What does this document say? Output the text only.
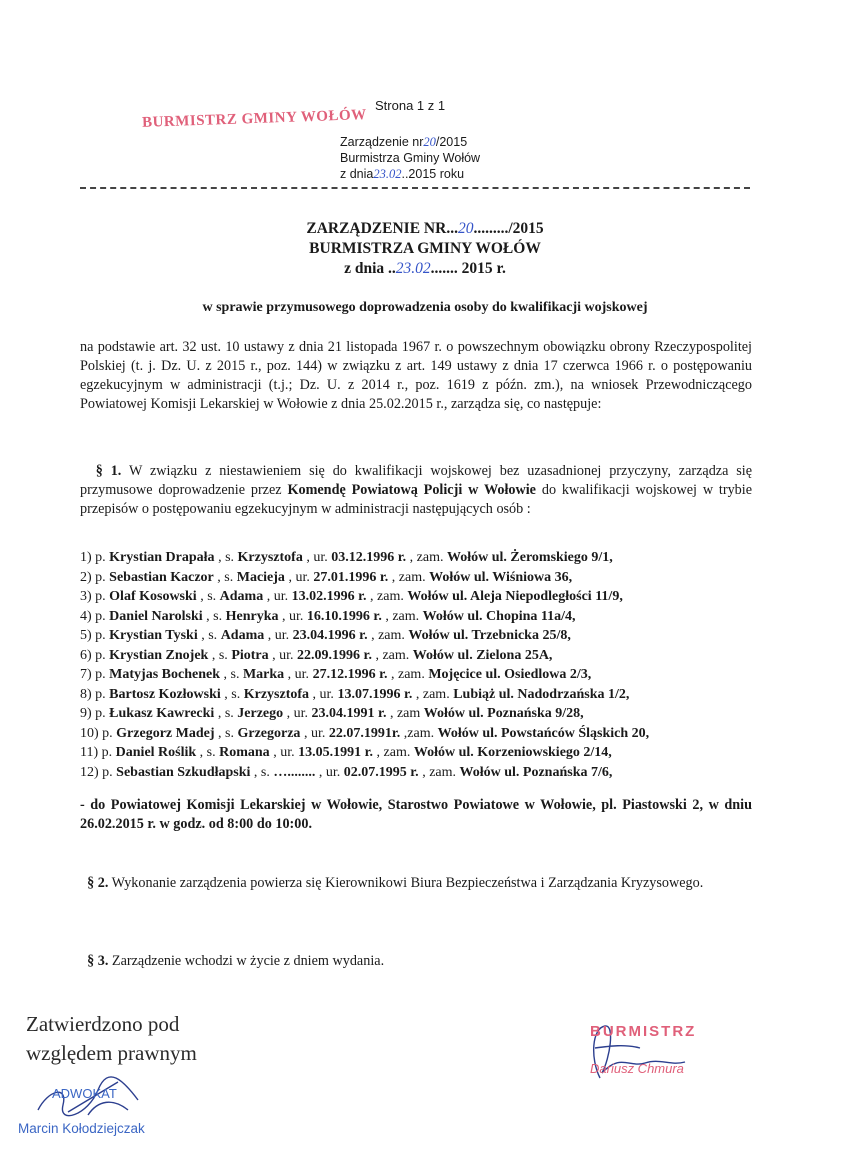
Strona 1 z 1
BURMISTRZ GMINY WOŁÓW
Zarządzenie nr20/2015
Burmistrza Gminy Wołów
z dnia23.02..2015 roku
ZARZĄDZENIE NR...20........./2015
BURMISTRZA GMINY WOŁÓW
z dnia ..23.02....... 2015 r.
w sprawie przymusowego doprowadzenia osoby do kwalifikacji wojskowej
na podstawie art. 32 ust. 10 ustawy z dnia 21 listopada 1967 r. o powszechnym obowiązku obrony Rzeczypospolitej Polskiej (t. j. Dz. U. z 2015 r., poz. 144) w związku z art. 149 ustawy z dnia 17 czerwca 1966 r. o postępowaniu egzekucyjnym w administracji (t.j.; Dz. U. z 2014 r., poz. 1619 z późn. zm.), na wniosek Przewodniczącego Powiatowej Komisji Lekarskiej w Wołowie z dnia 25.02.2015 r., zarządza się, co następuje:
§ 1. W związku z niestawieniem się do kwalifikacji wojskowej bez uzasadnionej przyczyny, zarządza się przymusowe doprowadzenie przez Komendę Powiatową Policji w Wołowie do kwalifikacji wojskowej w trybie przepisów o postępowaniu egzekucyjnym w administracji następujących osób :
1) p. Krystian Drapała , s. Krzysztofa , ur. 03.12.1996 r. , zam. Wołów ul. Żeromskiego 9/1,
2) p. Sebastian Kaczor , s. Macieja , ur. 27.01.1996 r. , zam. Wołów ul. Wiśniowa 36,
3) p. Olaf Kosowski , s. Adama , ur. 13.02.1996 r. , zam. Wołów ul. Aleja Niepodległości 11/9,
4) p. Daniel Narolski , s. Henryka , ur. 16.10.1996 r. , zam. Wołów ul. Chopina 11a/4,
5) p. Krystian Tyski , s. Adama , ur. 23.04.1996 r. , zam. Wołów ul. Trzebnicka 25/8,
6) p. Krystian Znojek , s. Piotra , ur. 22.09.1996 r. , zam. Wołów ul. Zielona 25A,
7) p. Matyjas Bochenek , s. Marka , ur. 27.12.1996 r. , zam. Mojęcice ul. Osiedlowa 2/3,
8) p. Bartosz Kozłowski , s. Krzysztofa , ur. 13.07.1996 r. , zam. Lubiąż ul. Nadodrzańska 1/2,
9) p. Łukasz Kawrecki , s. Jerzego , ur. 23.04.1991 r. , zam Wołów ul. Poznańska 9/28,
10) p. Grzegorz Madej , s. Grzegorza , ur. 22.07.1991r. ,zam. Wołów ul. Powstańców Śląskich 20,
11) p. Daniel Roślik , s. Romana , ur. 13.05.1991 r. , zam. Wołów ul. Korzeniowskiego 2/14,
12) p. Sebastian Szkudłapski , s. …........ , ur. 02.07.1995 r. , zam. Wołów ul. Poznańska 7/6,
- do Powiatowej Komisji Lekarskiej w Wołowie, Starostwo Powiatowe w Wołowie, pl. Piastowski 2, w dniu 26.02.2015 r. w godz. od 8:00 do 10:00.
§ 2. Wykonanie zarządzenia powierza się Kierownikowi Biura Bezpieczeństwa i Zarządzania Kryzysowego.
§ 3. Zarządzenie wchodzi w życie z dniem wydania.
Zatwierdzono pod
względem prawnym
ADWOKAT
Marcin Kołodziejczak
BURMISTRZ
Dariusz Chmura
